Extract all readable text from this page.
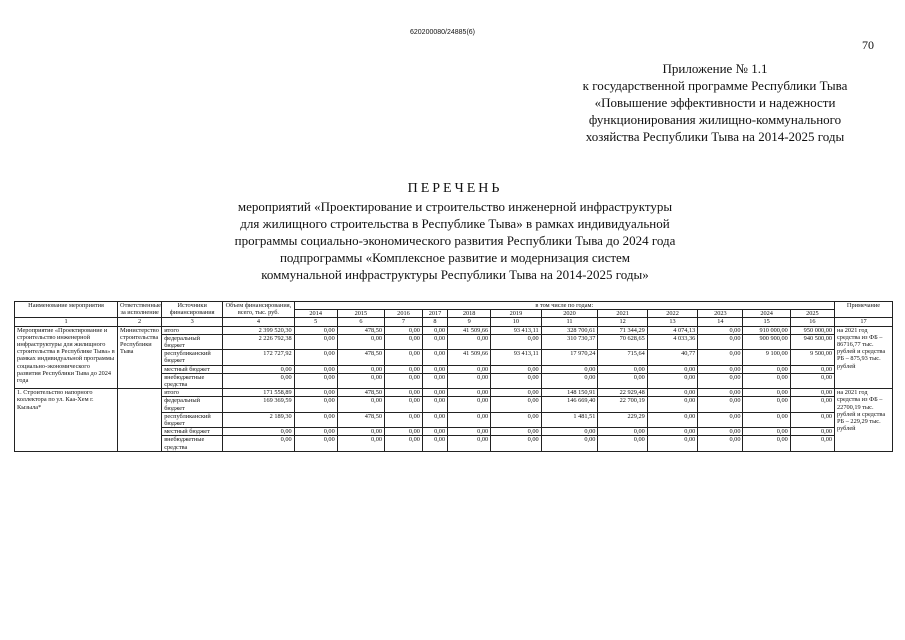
620200080/24885(6)
70
Приложение № 1.1
к государственной программе Республики Тыва
«Повышение эффективности и надежности
функционирования жилищно-коммунального
хозяйства Республики Тыва на 2014-2025 годы
ПЕРЕЧЕНЬ
мероприятий «Проектирование и строительство инженерной инфраструктуры
для жилищного строительства в Республике Тыва» в рамках индивидуальной
программы социально-экономического развития Республики Тыва до 2024 года
подпрограммы «Комплексное развитие и модернизация систем
коммунальной инфраструктуры Республики Тыва на 2014-2025 годы»
Наименование мероприятия	Ответственные за исполнение	Источники финансирования	Объем финансирования, всего, тыс. руб.	в том числе по годам:												Примечание
				2014	2015	2016	2017	2018	2019	2020	2021	2022	2023	2024	2025	
1	2	3	4	5	6	7	8	9	10	11	12	13	14	15	16	17
Мероприятие «Проектирование и строительство инженерной инфраструктуры для жилищного строительства в Республике Тыва» в рамках индивидуальной программы социально-экономического развития Республики Тыва до 2024 года	Министерство строительства Республики Тыва	итого	2 399 520,30	0,00	478,50	0,00	0,00	41 509,66	93 413,11	328 700,61	71 344,29	4 074,13	0,00	910 000,00	950 000,00	на 2021 год средства из ФБ – 86716,77 тыс. рублей и средства РБ – 875,93 тыс. рублей
		федеральный бюджет	2 226 792,38	0,00	0,00	0,00	0,00	0,00	0,00	310 730,37	70 628,65	4 033,36	0,00	900 900,00	940 500,00	
		республиканский бюджет	172 727,92	0,00	478,50	0,00	0,00	41 509,66	93 413,11	17 970,24	715,64	40,77	0,00	9 100,00	9 500,00	
		местный бюджет	0,00	0,00	0,00	0,00	0,00	0,00	0,00	0,00	0,00	0,00	0,00	0,00	0,00	
		внебюджетные средства	0,00	0,00	0,00	0,00	0,00	0,00	0,00	0,00	0,00	0,00	0,00	0,00	0,00	
1. Строительство напорного коллектора по ул. Каа-Хем г. Кызыла*		итого	171 558,89	0,00	478,50	0,00	0,00	0,00	0,00	148 150,91	22 929,48	0,00	0,00	0,00	0,00	на 2021 год средства из ФБ – 22700,19 тыс. рублей и средства РБ – 229,29 тыс. рублей
		федеральный бюджет	169 369,59	0,00	0,00	0,00	0,00	0,00	0,00	146 669,40	22 700,19	0,00	0,00	0,00	0,00	
		республиканский бюджет	2 189,30	0,00	478,50	0,00	0,00	0,00	0,00	1 481,51	229,29	0,00	0,00	0,00	0,00	
		местный бюджет	0,00	0,00	0,00	0,00	0,00	0,00	0,00	0,00	0,00	0,00	0,00	0,00	0,00	
		внебюджетные средства	0,00	0,00	0,00	0,00	0,00	0,00	0,00	0,00	0,00	0,00	0,00	0,00	0,00	
